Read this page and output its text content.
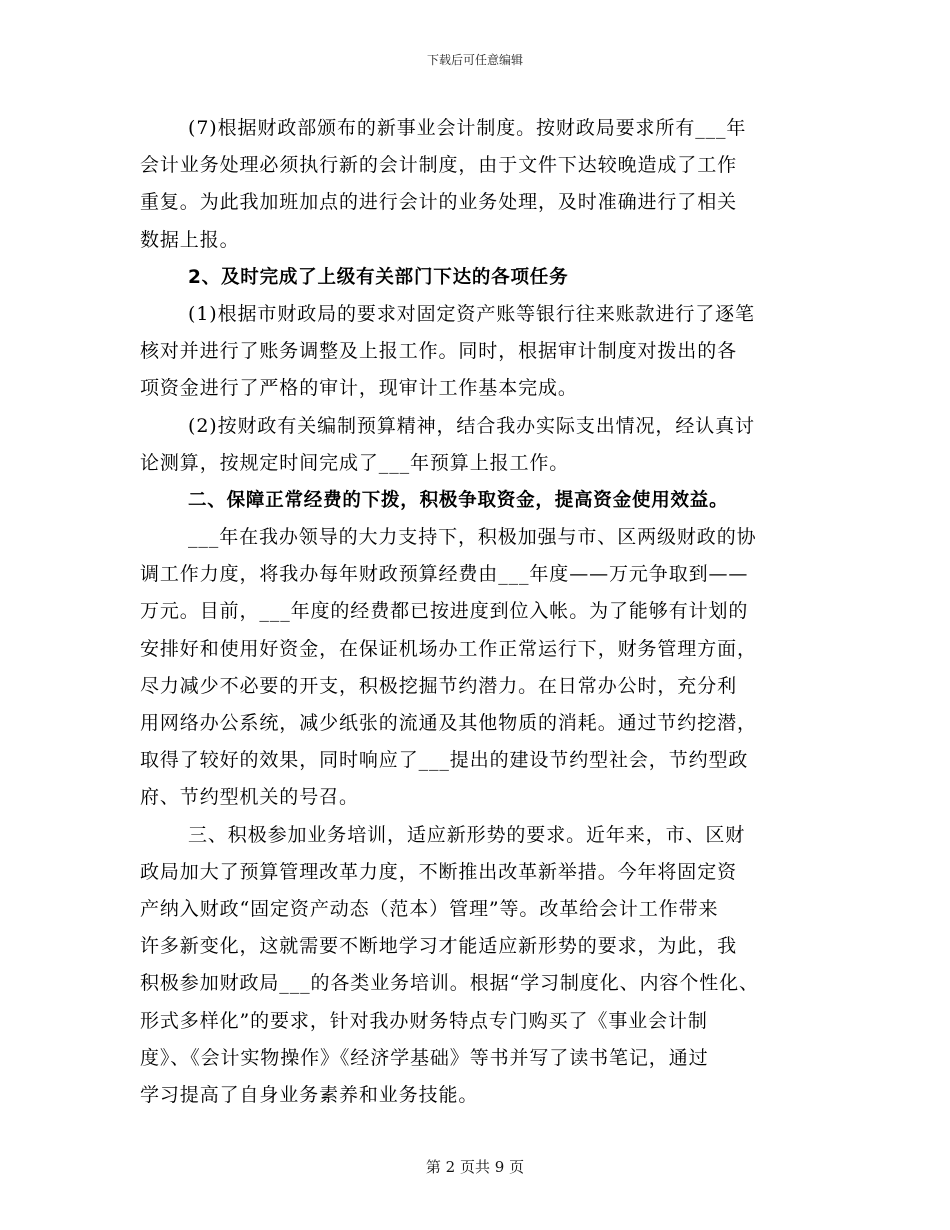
下载后可任意编辑
(7)根据财政部颁布的新事业会计制度。按财政局要求所有___年
会计业务处理必须执行新的会计制度，由于文件下达较晚造成了工作
重复。为此我加班加点的进行会计的业务处理，及时准确进行了相关
数据上报。
2、及时完成了上级有关部门下达的各项任务
(1)根据市财政局的要求对固定资产账等银行往来账款进行了逐笔
核对并进行了账务调整及上报工作。同时，根据审计制度对拨出的各
项资金进行了严格的审计，现审计工作基本完成。
(2)按财政有关编制预算精神，结合我办实际支出情况，经认真讨
论测算，按规定时间完成了___年预算上报工作。
二、保障正常经费的下拨，积极争取资金，提高资金使用效益。
___年在我办领导的大力支持下，积极加强与市、区两级财政的协
调工作力度，将我办每年财政预算经费由___年度——万元争取到——
万元。目前，___年度的经费都已按进度到位入帐。为了能够有计划的
安排好和使用好资金，在保证机场办工作正常运行下，财务管理方面，
尽力减少不必要的开支，积极挖掘节约潜力。在日常办公时，充分利
用网络办公系统，减少纸张的流通及其他物质的消耗。通过节约挖潜，
取得了较好的效果，同时响应了___提出的建设节约型社会，节约型政
府、节约型机关的号召。
三、积极参加业务培训，适应新形势的要求。近年来，市、区财
政局加大了预算管理改革力度，不断推出改革新举措。今年将固定资
产纳入财政“固定资产动态（范本）管理”等。改革给会计工作带来
许多新变化，这就需要不断地学习才能适应新形势的要求，为此，我
积极参加财政局___的各类业务培训。根据“学习制度化、内容个性化、
形式多样化”的要求，针对我办财务特点专门购买了《事业会计制
度》、《会计实物操作》《经济学基础》等书并写了读书笔记，通过
学习提高了自身业务素养和业务技能。
第 2 页共 9 页
